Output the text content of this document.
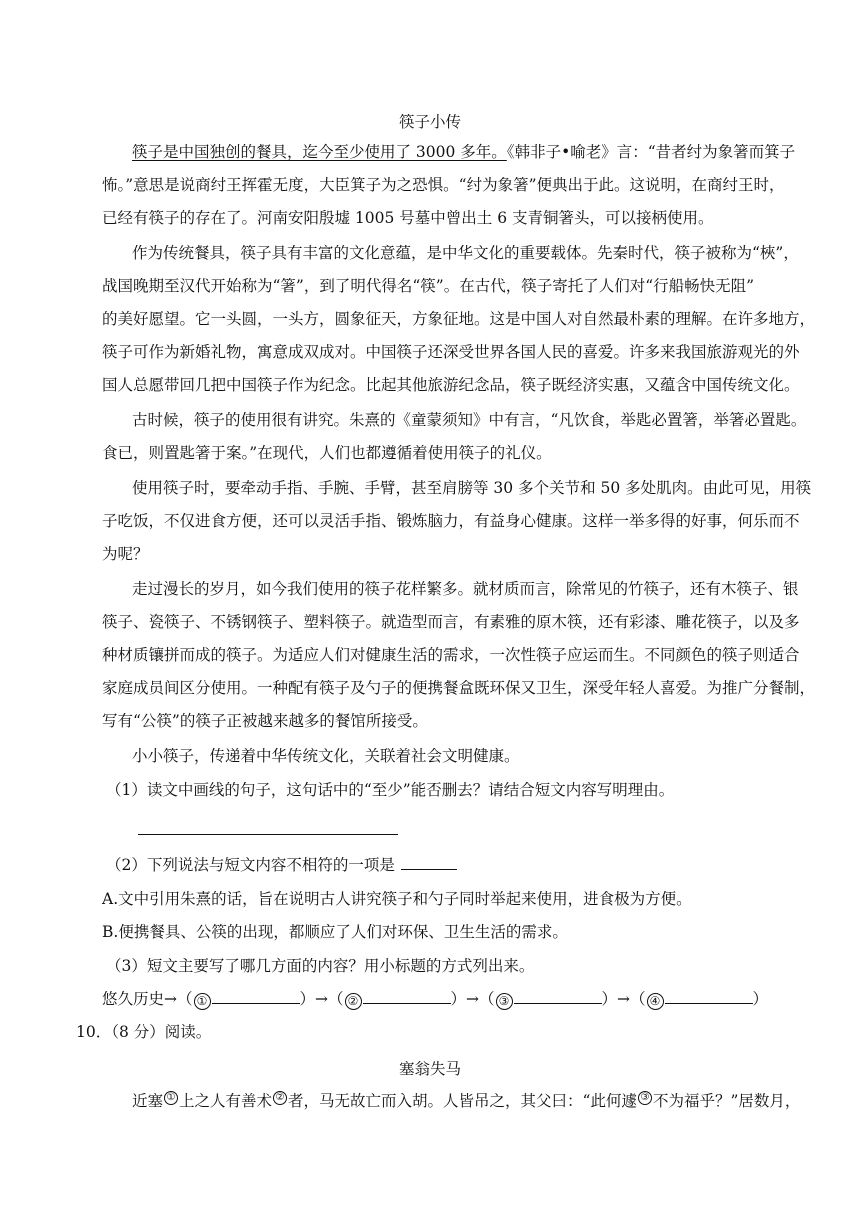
筷子小传
筷子是中国独创的餐具，迄今至少使用了 3000 多年。《韩非子•喻老》言：“昔者纣为象箸而箕子
怖。”意思是说商纣王挥霍无度，大臣箕子为之恐惧。“纣为象箸”便典出于此。这说明，在商纣王时，
已经有筷子的存在了。河南安阳殷墟 1005 号墓中曾出土 6 支青铜箸头，可以接柄使用。
作为传统餐具，筷子具有丰富的文化意蕴，是中华文化的重要载体。先秦时代，筷子被称为“梜”，
战国晚期至汉代开始称为“箸”，到了明代得名“筷”。在古代，筷子寄托了人们对“行船畅快无阻”
的美好愿望。它一头圆，一头方，圆象征天，方象征地。这是中国人对自然最朴素的理解。在许多地方，
筷子可作为新婚礼物，寓意成双成对。中国筷子还深受世界各国人民的喜爱。许多来我国旅游观光的外
国人总愿带回几把中国筷子作为纪念。比起其他旅游纪念品，筷子既经济实惠，又蕴含中国传统文化。
古时候，筷子的使用很有讲究。朱熹的《童蒙须知》中有言，“凡饮食，举匙必置箸，举箸必置匙。
食已，则置匙箸于案。”在现代，人们也都遵循着使用筷子的礼仪。
使用筷子时，要牵动手指、手腕、手臂，甚至肩膀等 30 多个关节和 50 多处肌肉。由此可见，用筷
子吃饭，不仅进食方便，还可以灵活手指、锻炼脑力，有益身心健康。这样一举多得的好事，何乐而不
为呢？
走过漫长的岁月，如今我们使用的筷子花样繁多。就材质而言，除常见的竹筷子，还有木筷子、银
筷子、瓷筷子、不锈钢筷子、塑料筷子。就造型而言，有素雅的原木筷，还有彩漆、雕花筷子，以及多
种材质镶拼而成的筷子。为适应人们对健康生活的需求，一次性筷子应运而生。不同颜色的筷子则适合
家庭成员间区分使用。一种配有筷子及勺子的便携餐盒既环保又卫生，深受年轻人喜爱。为推广分餐制，
写有“公筷”的筷子正被越来越多的餐馆所接受。
小小筷子，传递着中华传统文化，关联着社会文明健康。
（1）读文中画线的句子，这句话中的“至少”能否删去？请结合短文内容写明理由。
（2）下列说法与短文内容不相符的一项是
A.文中引用朱熹的话，旨在说明古人讲究筷子和勺子同时举起来使用，进食极为方便。
B.便携餐具、公筷的出现，都顺应了人们对环保、卫生生活的需求。
（3）短文主要写了哪几方面的内容？用小标题的方式列出来。
悠久历史→（ ①	）→（ ②	）→（ ③	）→（ ④	）
10．（8 分）阅读。
塞翁失马
近塞 ① 上之人有善术 ② 者，马无故亡而入胡。人皆吊之，其父曰：“此何遽 ③ 不为福乎？”居数月，
